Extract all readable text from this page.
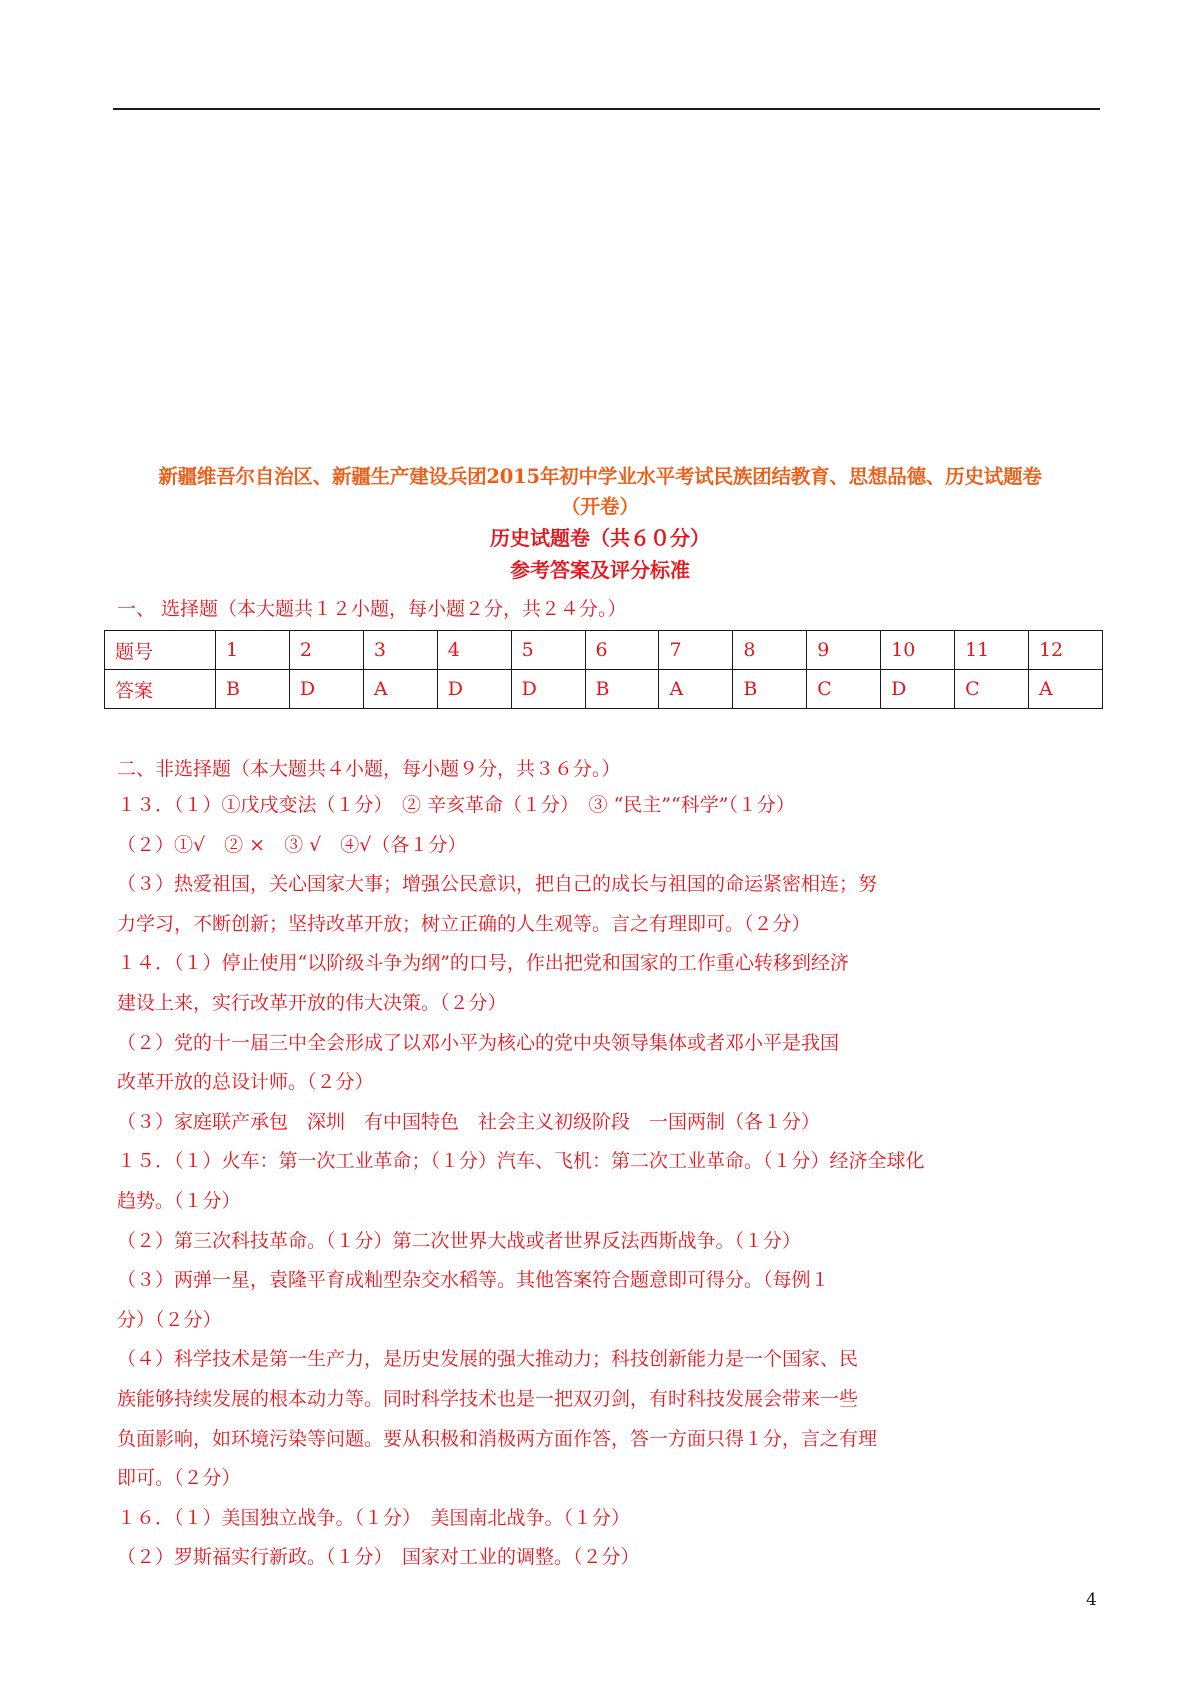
新疆维吾尔自治区、新疆生产建设兵团2015年初中学业水平考试民族团结教育、思想品德、历史试题卷
（开卷）
历史试题卷（共６０分）
参考答案及评分标准
一、 选择题（本大题共１２小题，每小题２分，共２４分。）
题号	1	2	3	4	5	6	7	8	9	10	11	12
答案	B	D	A	D	D	B	A	B	C	D	C	A
二、非选择题（本大题共４小题，每小题９分，共３６分。）
１３．（１）①戊戌变法（１分）　② 辛亥革命（１分）　③ “民主”“科学”（１分）
（２）①√　② ×　③ √　④√（各１分）
（３）热爱祖国，关心国家大事；增强公民意识，把自己的成长与祖国的命运紧密相连；努
力学习，不断创新；坚持改革开放；树立正确的人生观等。言之有理即可。（２分）
１４．（１）停止使用“以阶级斗争为纲”的口号，作出把党和国家的工作重心转移到经济
建设上来，实行改革开放的伟大决策。（２分）
（２）党的十一届三中全会形成了以邓小平为核心的党中央领导集体或者邓小平是我国
改革开放的总设计师。（２分）
（３）家庭联产承包　深圳　有中国特色　社会主义初级阶段　一国两制（各１分）
１５．（１）火车：第一次工业革命；（１分）汽车、飞机：第二次工业革命。（１分）经济全球化
趋势。（１分）
（２）第三次科技革命。（１分）第二次世界大战或者世界反法西斯战争。（１分）
（３）两弹一星，袁隆平育成籼型杂交水稻等。其他答案符合题意即可得分。（每例１
分）（２分）
（４）科学技术是第一生产力，是历史发展的强大推动力；科技创新能力是一个国家、民
族能够持续发展的根本动力等。同时科学技术也是一把双刃剑，有时科技发展会带来一些
负面影响，如环境污染等问题。要从积极和消极两方面作答，答一方面只得１分，言之有理
即可。（２分）
１６．（１）美国独立战争。（１分）　美国南北战争。（１分）
（２）罗斯福实行新政。（１分）　国家对工业的调整。（２分）
4
